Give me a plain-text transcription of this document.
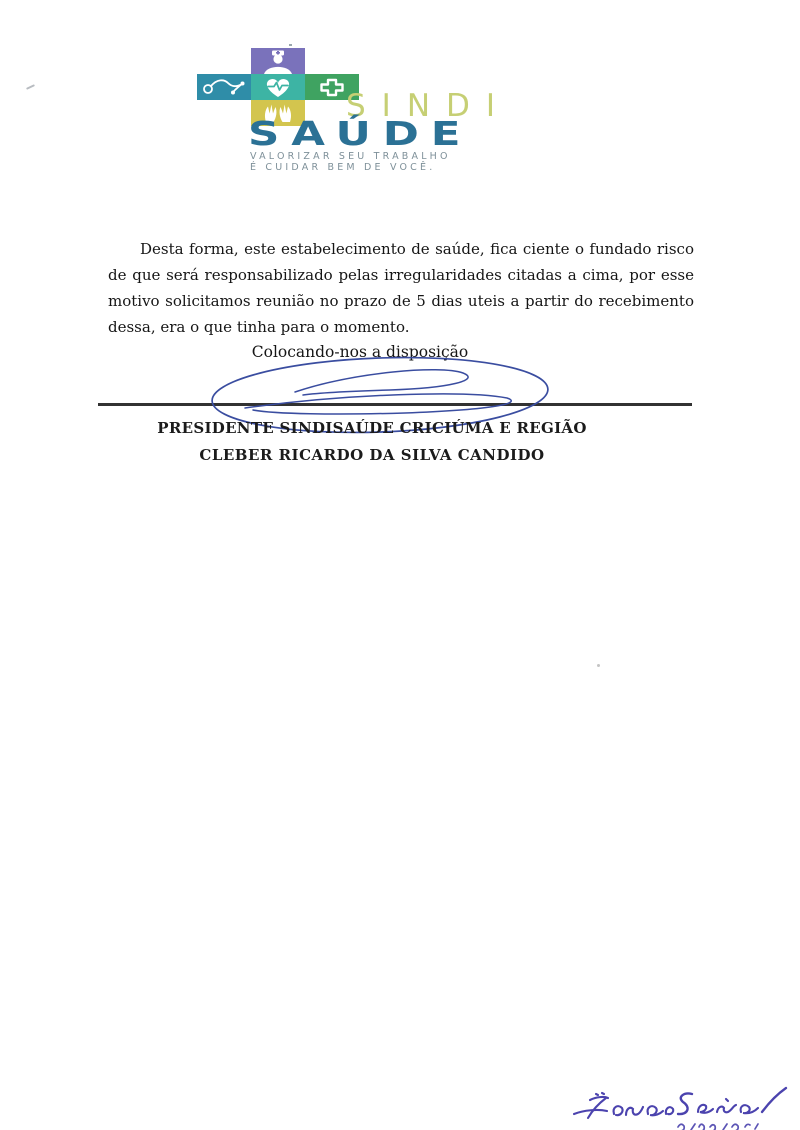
SINDI
SAÚDE
VALORIZAR SEU TRABALHO
É CUIDAR BEM DE VOCÊ.

Desta forma, este estabelecimento de saúde, fica ciente o fundado risco de que será responsabilizado pelas irregularidades citadas a cima, por esse motivo solicitamos reunião no prazo de 5 dias uteis a partir do recebimento dessa, era o que tinha para o momento.

Colocando-nos a disposição

PRESIDENTE SINDISAÚDE CRICIÚMA E REGIÃO

CLEBER RICARDO DA SILVA CANDIDO
